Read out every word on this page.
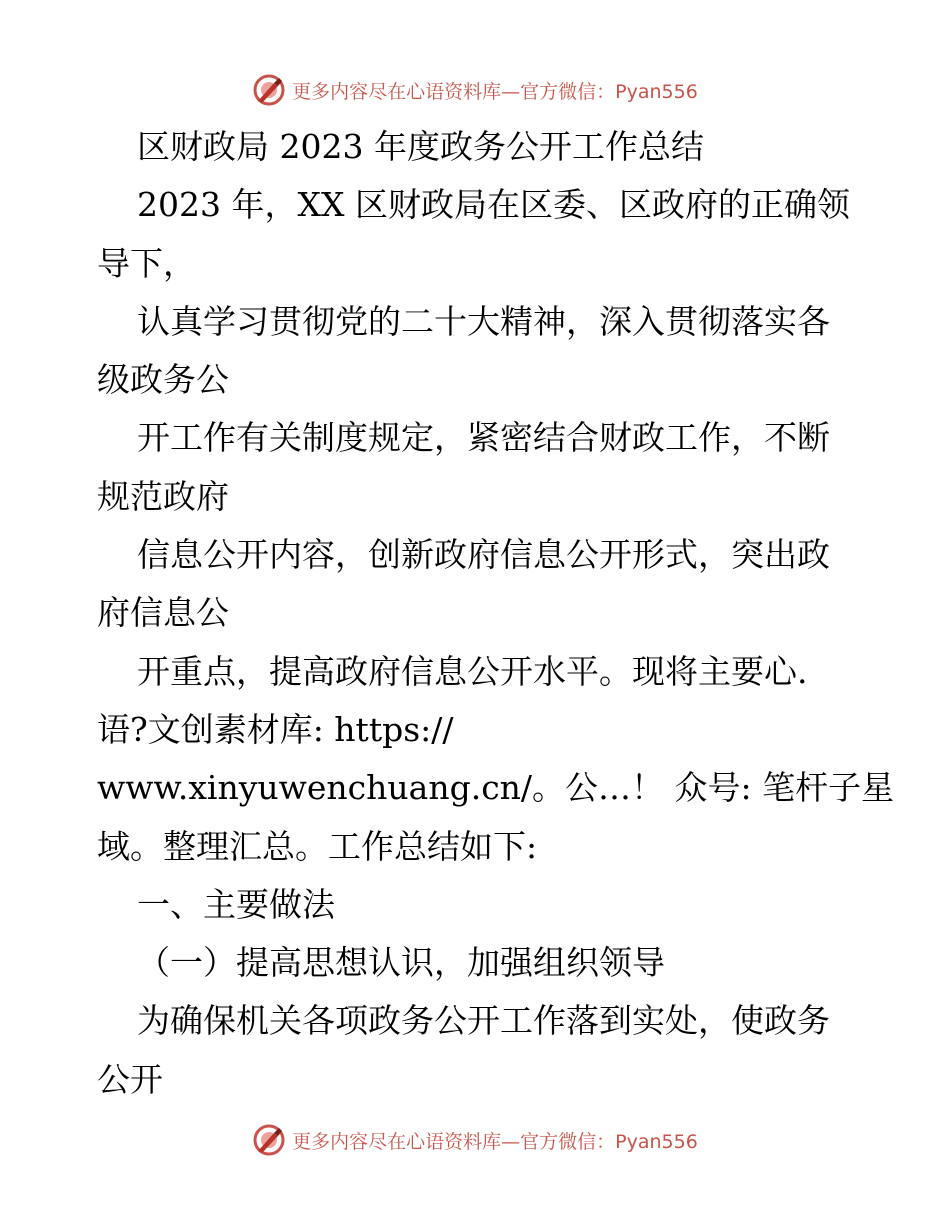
更多内容尽在心语资料库—官方微信：Pyan556
区财政局 2023 年度政务公开工作总结
2023 年，XX 区财政局在区委、区政府的正确领
导下，
认真学习贯彻党的二十大精神，深入贯彻落实各
级政务公
开工作有关制度规定，紧密结合财政工作，不断
规范政府
信息公开内容，创新政府信息公开形式，突出政
府信息公
开重点，提高政府信息公开水平。现将主要心.
语?文创素材库: https://
www.xinyuwenchuang.cn/。公…！ 众号: 笔杆子星
域。整理汇总。工作总结如下:
一、主要做法
（一）提高思想认识，加强组织领导
为确保机关各项政务公开工作落到实处，使政务
公开
更多内容尽在心语资料库—官方微信：Pyan556
